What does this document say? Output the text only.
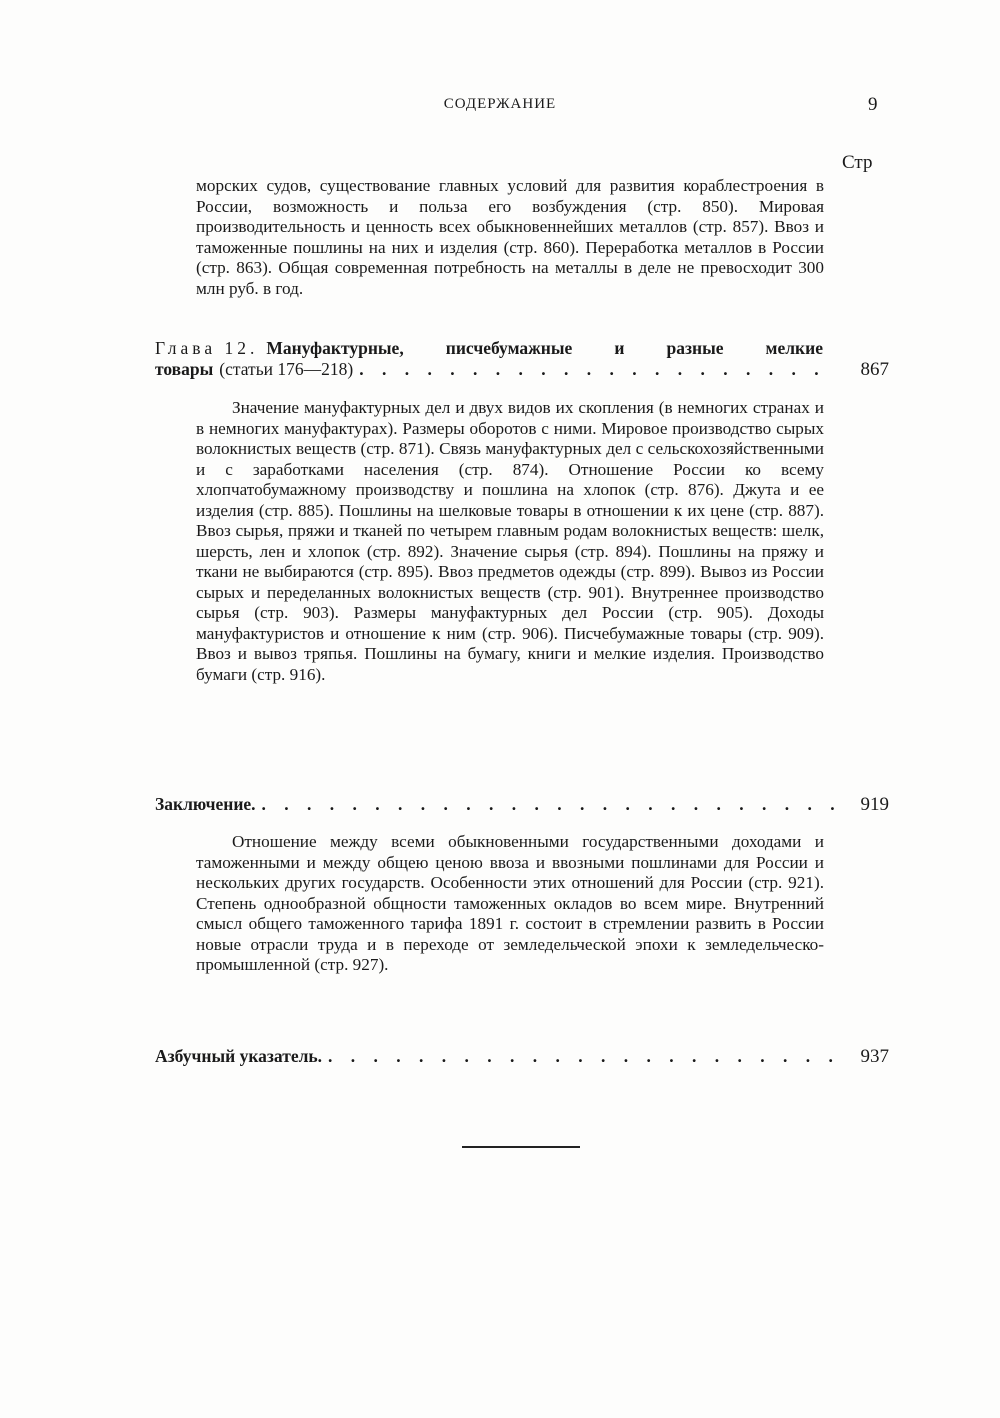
СОДЕРЖАНИЕ	9
Стр
морских судов, существование главных условий для развития кораблестроения в России, возможность и польза его возбуждения (стр. 850). Мировая производительность и ценность всех обыкновеннейших металлов (стр. 857). Ввоз и таможенные пошлины на них и изделия (стр. 860). Переработка металлов в России (стр. 863). Общая современная потребность на металлы в деле не превосходит 300 млн руб. в год.
Глава 12. Мануфактурные, писчебумажные и разные мелкие
товары (статьи 176—218) . . .	867
Значение мануфактурных дел и двух видов их скопления (в немногих странах и в немногих мануфактурах). Размеры оборотов с ними. Мировое производство сырых волокнистых веществ (стр. 871). Связь мануфактурных дел с сельскохозяйственными и с заработками населения (стр. 874). Отношение России ко всему хлопчатобумажному производству и пошлина на хлопок (стр. 876). Джута и ее изделия (стр. 885). Пошлины на шелковые товары в отношении к их цене (стр. 887). Ввоз сырья, пряжи и тканей по четырем главным родам волокнистых веществ: шелк, шерсть, лен и хлопок (стр. 892). Значение сырья (стр. 894). Пошлины на пряжу и ткани не выбираются (стр. 895). Ввоз предметов одежды (стр. 899). Вывоз из России сырых и переделанных волокнистых веществ (стр. 901). Внутреннее производство сырья (стр. 903). Размеры мануфактурных дел России (стр. 905). Доходы мануфактуристов и отношение к ним (стр. 906). Писчебумажные товары (стр. 909). Ввоз и вывоз тряпья. Пошлины на бумагу, книги и мелкие изделия. Производство бумаги (стр. 916).
Заключение. . . .	919
Отношение между всеми обыкновенными государственными доходами и таможенными и между общею ценою ввоза и ввозными пошлинами для России и нескольких других государств. Особенности этих отношений для России (стр. 921). Степень однообразной общности таможенных окладов во всем мире. Внутренний смысл общего таможенного тарифа 1891 г. состоит в стремлении развить в России новые отрасли труда и в переходе от земледельческой эпохи к земледельческо-промышленной (стр. 927).
Азбучный указатель. . . .	937
